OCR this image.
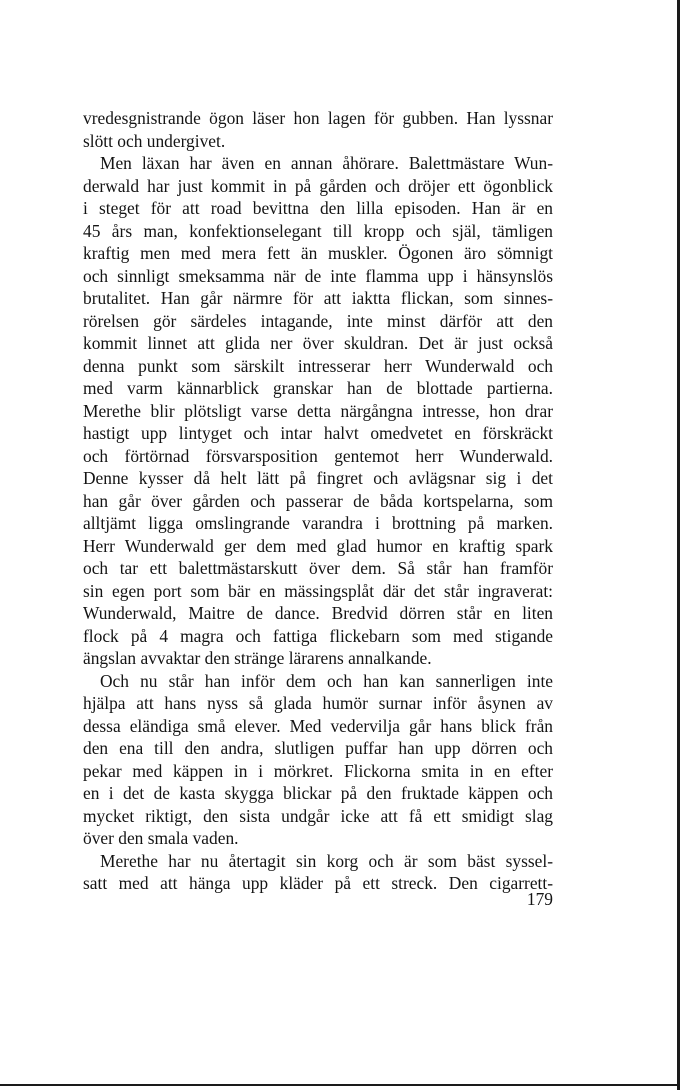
vredesgnistrande ögon läser hon lagen för gubben. Han lyssnar
slött och undergivet.
Men läxan har även en annan åhörare. Balettmästare Wun-
derwald har just kommit in på gården och dröjer ett ögonblick
i steget för att road bevittna den lilla episoden. Han är en
45 års man, konfektionselegant till kropp och själ, tämligen
kraftig men med mera fett än muskler. Ögonen äro sömnigt
och sinnligt smeksamma när de inte flamma upp i hänsynslös
brutalitet. Han går närmre för att iaktta flickan, som sinnes-
rörelsen gör särdeles intagande, inte minst därför att den
kommit linnet att glida ner över skuldran. Det är just också
denna punkt som särskilt intresserar herr Wunderwald och
med varm kännarblick granskar han de blottade partierna.
Merethe blir plötsligt varse detta närgångna intresse, hon drar
hastigt upp lintyget och intar halvt omedvetet en förskräckt
och förtörnad försvarsposition gentemot herr Wunderwald.
Denne kysser då helt lätt på fingret och avlägsnar sig i det
han går över gården och passerar de båda kortspelarna, som
alltjämt ligga omslingrande varandra i brottning på marken.
Herr Wunderwald ger dem med glad humor en kraftig spark
och tar ett balettmästarskutt över dem. Så står han framför
sin egen port som bär en mässingsplåt där det står ingraverat:
Wunderwald, Maitre de dance. Bredvid dörren står en liten
flock på 4 magra och fattiga flickebarn som med stigande
ängslan avvaktar den stränge lärarens annalkande.
Och nu står han inför dem och han kan sannerligen inte
hjälpa att hans nyss så glada humör surnar inför åsynen av
dessa eländiga små elever. Med vedervilja går hans blick från
den ena till den andra, slutligen puffar han upp dörren och
pekar med käppen in i mörkret. Flickorna smita in en efter
en i det de kasta skygga blickar på den fruktade käppen och
mycket riktigt, den sista undgår icke att få ett smidigt slag
över den smala vaden.
Merethe har nu återtagit sin korg och är som bäst syssel-
satt med att hänga upp kläder på ett streck. Den cigarrett-
179
